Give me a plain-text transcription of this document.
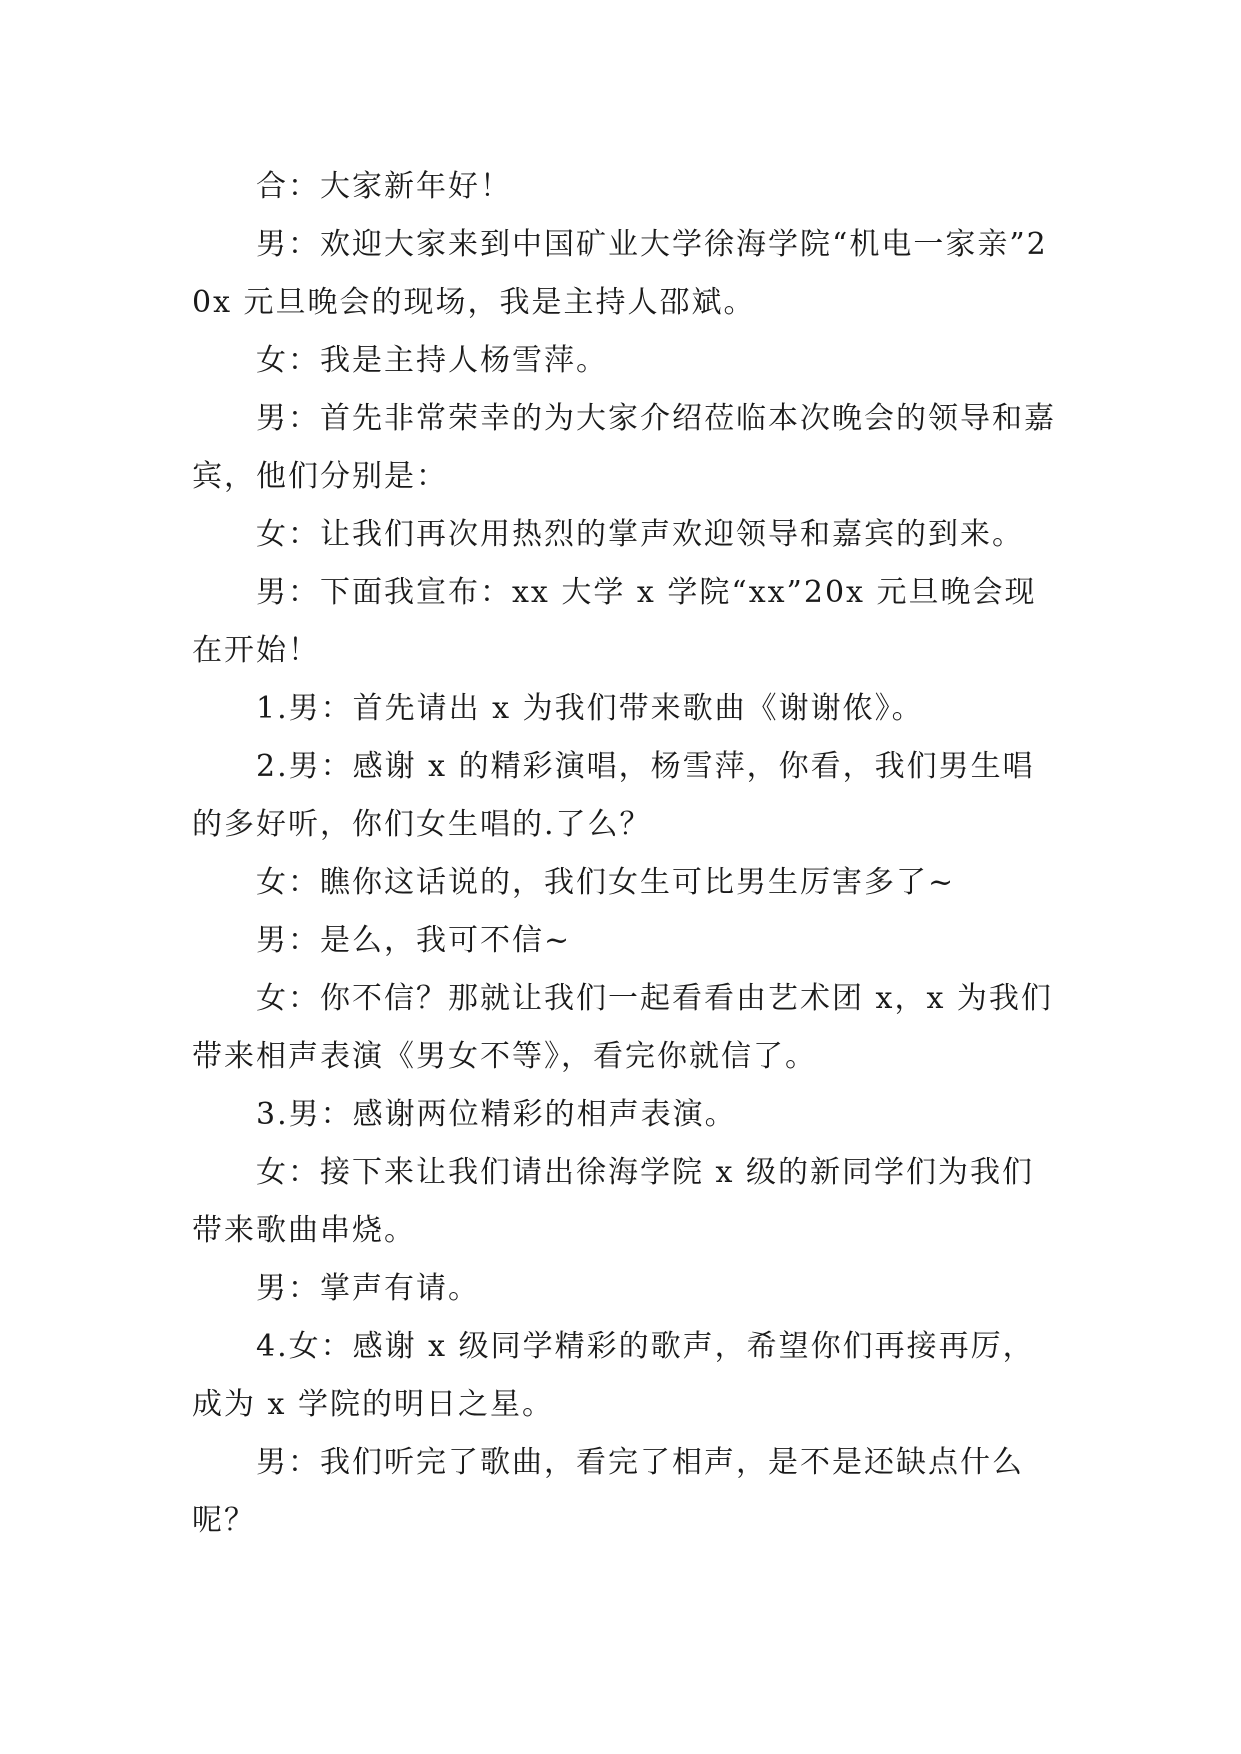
合：大家新年好！

男：欢迎大家来到中国矿业大学徐海学院“机电一家亲”20x 元旦晚会的现场，我是主持人邵斌。

女：我是主持人杨雪萍。

男：首先非常荣幸的为大家介绍莅临本次晚会的领导和嘉宾，他们分别是：

女：让我们再次用热烈的掌声欢迎领导和嘉宾的到来。

男：下面我宣布：xx 大学 x 学院“xx”20x 元旦晚会现在开始！

1.男：首先请出 x 为我们带来歌曲《谢谢侬》。

2.男：感谢 x 的精彩演唱，杨雪萍，你看，我们男生唱的多好听，你们女生唱的.了么？

女：瞧你这话说的，我们女生可比男生厉害多了~

男：是么，我可不信~

女：你不信？那就让我们一起看看由艺术团 x，x 为我们带来相声表演《男女不等》，看完你就信了。

3.男：感谢两位精彩的相声表演。

女：接下来让我们请出徐海学院 x 级的新同学们为我们带来歌曲串烧。

男：掌声有请。

4.女：感谢 x 级同学精彩的歌声，希望你们再接再厉，成为 x 学院的明日之星。

男：我们听完了歌曲，看完了相声，是不是还缺点什么呢？
